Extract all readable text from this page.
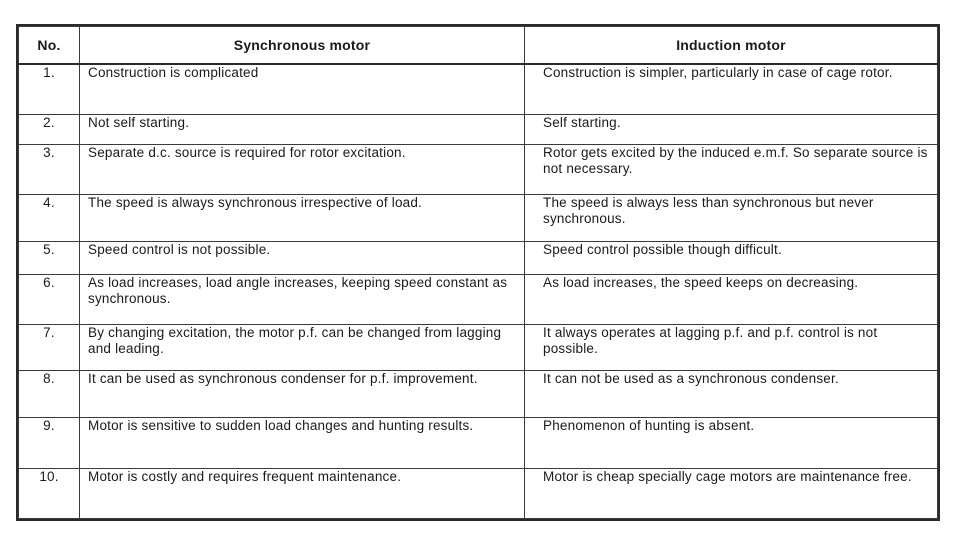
No.	Synchronous motor	Induction motor
1.	Construction is complicated	Construction is simpler, particularly in case of cage rotor.
2.	Not self starting.	Self starting.
3.	Separate d.c. source is required for rotor excitation.	Rotor gets excited by the induced e.m.f. So separate source is not necessary.
4.	The speed is always synchronous irrespective of load.	The speed is always less than synchronous but never synchronous.
5.	Speed control is not possible.	Speed control possible though difficult.
6.	As load increases, load angle increases, keeping speed constant as synchronous.	As load increases, the speed keeps on decreasing.
7.	By changing excitation, the motor p.f. can be changed from lagging and leading.	It always operates at lagging p.f. and p.f. control is not possible.
8.	It can be used as synchronous condenser for p.f. improvement.	It can not be used as a synchronous condenser.
9.	Motor is sensitive to sudden load changes and hunting results.	Phenomenon of hunting is absent.
10.	Motor is costly and requires frequent maintenance.	Motor is cheap specially cage motors are maintenance free.
